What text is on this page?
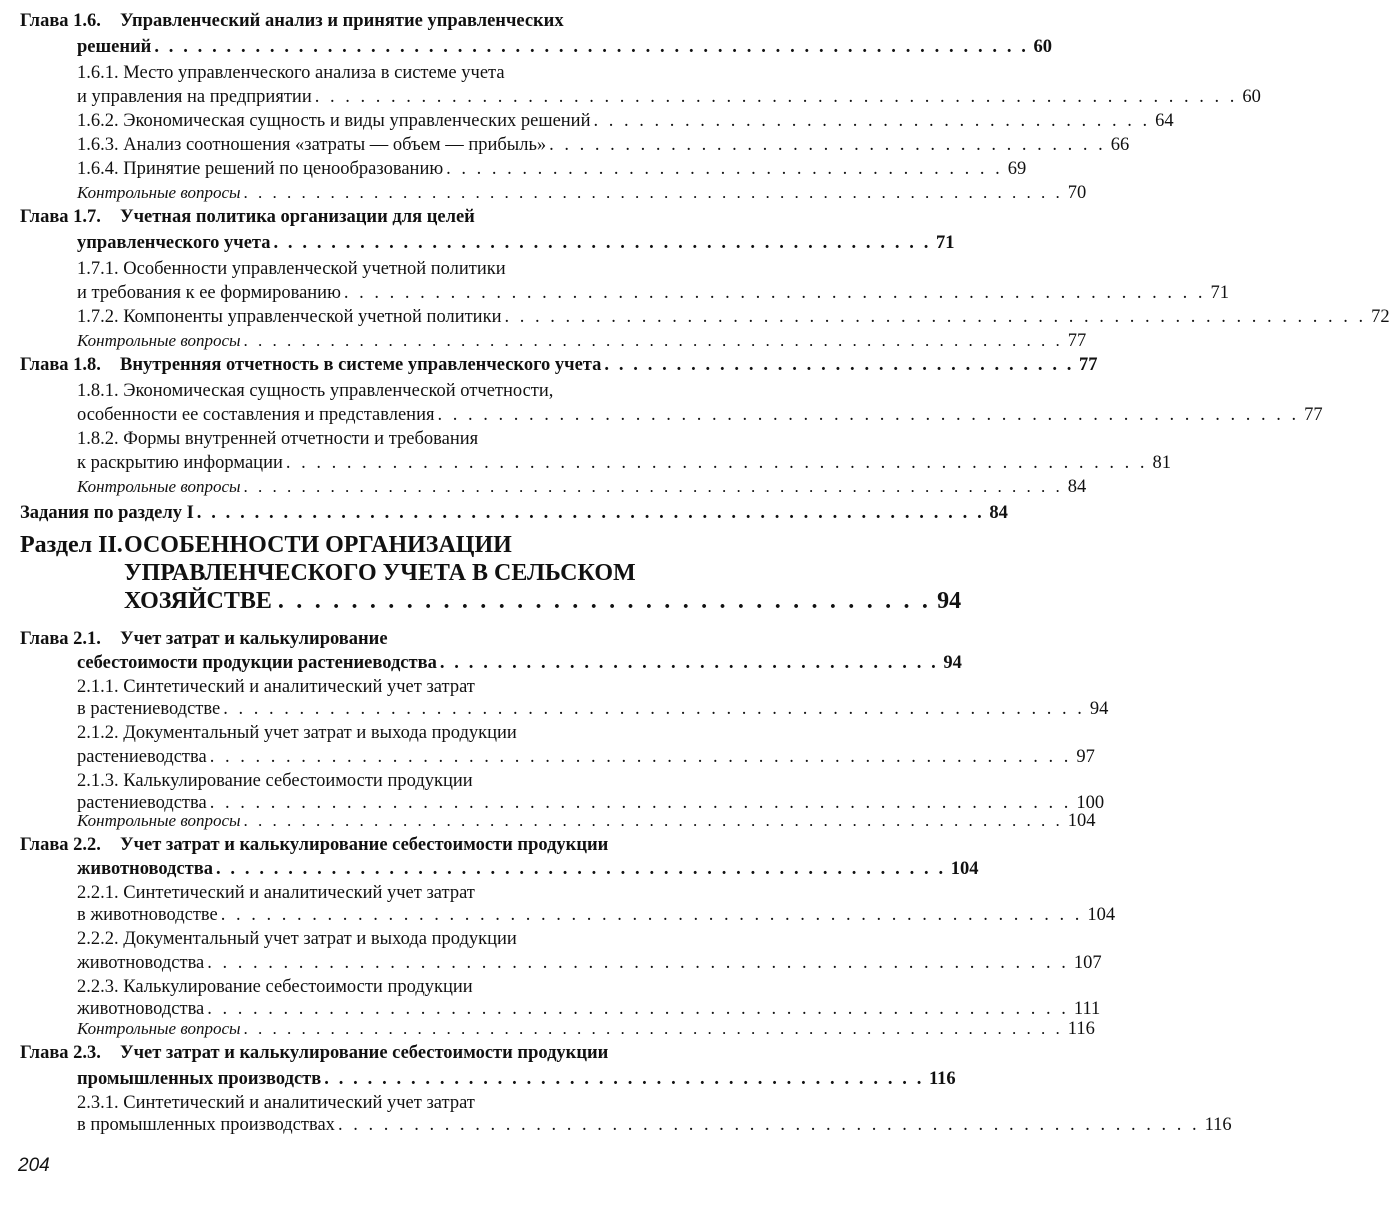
Глава 1.6. Управленческий анализ и принятие управленческих
решений . . . . . . . . . . . . . . . . . . . . . . . . . . . . . . . . . . . . . . . . . . . . . . . . . . . . . . . . . . . . . 60
1.6.1. Место управленческого анализа в системе учета
и управления на предприятии . . . . . . . . . . . . . . . . . . . . . . . . . . . . . . . . . . . . . . . . . . . . . . . . . . . . . . . . . . . . . 60
1.6.2. Экономическая сущность и виды управленческих решений . . . . . . . . . . . . . . . . . . . . . . . . . . . . . . . . . . . . . 64
1.6.3. Анализ соотношения «затраты — объем — прибыль» . . . . . . . . . . . . . . . . . . . . . . . . . . . . . . . . . . . . . 66
1.6.4. Принятие решений по ценообразованию . . . . . . . . . . . . . . . . . . . . . . . . . . . . . . . . . . . . . 69
Контрольные вопросы . . . . . . . . . . . . . . . . . . . . . . . . . . . . . . . . . . . . . . . . . . . . . . . . . . . . . . . . . 70
Глава 1.7. Учетная политика организации для целей
управленческого учета . . . . . . . . . . . . . . . . . . . . . . . . . . . . . . . . . . . . . . . . . . . . . . 71
1.7.1. Особенности управленческой учетной политики
и требования к ее формированию . . . . . . . . . . . . . . . . . . . . . . . . . . . . . . . . . . . . . . . . . . . . . . . . . . . . . . . . . 71
1.7.2. Компоненты управленческой учетной политики . . . . . . . . . . . . . . . . . . . . . . . . . . . . . . . . . . . . . . . . . . . . . . . . . . . . . . . . . 72
Контрольные вопросы . . . . . . . . . . . . . . . . . . . . . . . . . . . . . . . . . . . . . . . . . . . . . . . . . . . . . . . . . 77
Глава 1.8.	Внутренняя отчетность в системе управленческого учета . . . . . . . . . . . . . . . . . . . . . . . . . . . . . . . . . 77
1.8.1. Экономическая сущность управленческой отчетности,
особенности ее составления и представления . . . . . . . . . . . . . . . . . . . . . . . . . . . . . . . . . . . . . . . . . . . . . . . . . . . . . . . . . 77
1.8.2. Формы внутренней отчетности и требования
к раскрытию информации . . . . . . . . . . . . . . . . . . . . . . . . . . . . . . . . . . . . . . . . . . . . . . . . . . . . . . . . . 81
Контрольные вопросы . . . . . . . . . . . . . . . . . . . . . . . . . . . . . . . . . . . . . . . . . . . . . . . . . . . . . . . . . 84
Задания по разделу I . . . . . . . . . . . . . . . . . . . . . . . . . . . . . . . . . . . . . . . . . . . . . . . . . . . . . . . 84
Раздел II.ОСОБЕННОСТИ ОРГАНИЗАЦИИ
УПРАВЛЕНЧЕСКОГО УЧЕТА В СЕЛЬСКОМ
ХОЗЯЙСТВЕ . . . . . . . . . . . . . . . . . . . . . . . . . . . . . . . . . . . . 94
Глава 2.1. Учет затрат и калькулирование
себестоимости продукции растениеводства . . . . . . . . . . . . . . . . . . . . . . . . . . . . . . . . . . . 94
2.1.1. Синтетический и аналитический учет затрат
в растениеводстве . . . . . . . . . . . . . . . . . . . . . . . . . . . . . . . . . . . . . . . . . . . . . . . . . . . . . . . . . 94
2.1.2. Документальный учет затрат и выхода продукции
растениеводства . . . . . . . . . . . . . . . . . . . . . . . . . . . . . . . . . . . . . . . . . . . . . . . . . . . . . . . . . 97
2.1.3. Калькулирование себестоимости продукции
растениеводства . . . . . . . . . . . . . . . . . . . . . . . . . . . . . . . . . . . . . . . . . . . . . . . . . . . . . . . . . 100
Контрольные вопросы . . . . . . . . . . . . . . . . . . . . . . . . . . . . . . . . . . . . . . . . . . . . . . . . . . . . . . . . . 104
Глава 2.2. Учет затрат и калькулирование себестоимости продукции
животноводства . . . . . . . . . . . . . . . . . . . . . . . . . . . . . . . . . . . . . . . . . . . . . . . . . . . 104
2.2.1. Синтетический и аналитический учет затрат
в животноводстве . . . . . . . . . . . . . . . . . . . . . . . . . . . . . . . . . . . . . . . . . . . . . . . . . . . . . . . . . 104
2.2.2. Документальный учет затрат и выхода продукции
животноводства . . . . . . . . . . . . . . . . . . . . . . . . . . . . . . . . . . . . . . . . . . . . . . . . . . . . . . . . . 107
2.2.3. Калькулирование себестоимости продукции
животноводства . . . . . . . . . . . . . . . . . . . . . . . . . . . . . . . . . . . . . . . . . . . . . . . . . . . . . . . . . 111
Контрольные вопросы . . . . . . . . . . . . . . . . . . . . . . . . . . . . . . . . . . . . . . . . . . . . . . . . . . . . . . . . . 116
Глава 2.3. Учет затрат и калькулирование себестоимости продукции
промышленных производств . . . . . . . . . . . . . . . . . . . . . . . . . . . . . . . . . . . . . . . . . . 116
2.3.1. Синтетический и аналитический учет затрат
в промышленных производствах . . . . . . . . . . . . . . . . . . . . . . . . . . . . . . . . . . . . . . . . . . . . . . . . . . . . . . . . . 116
204
